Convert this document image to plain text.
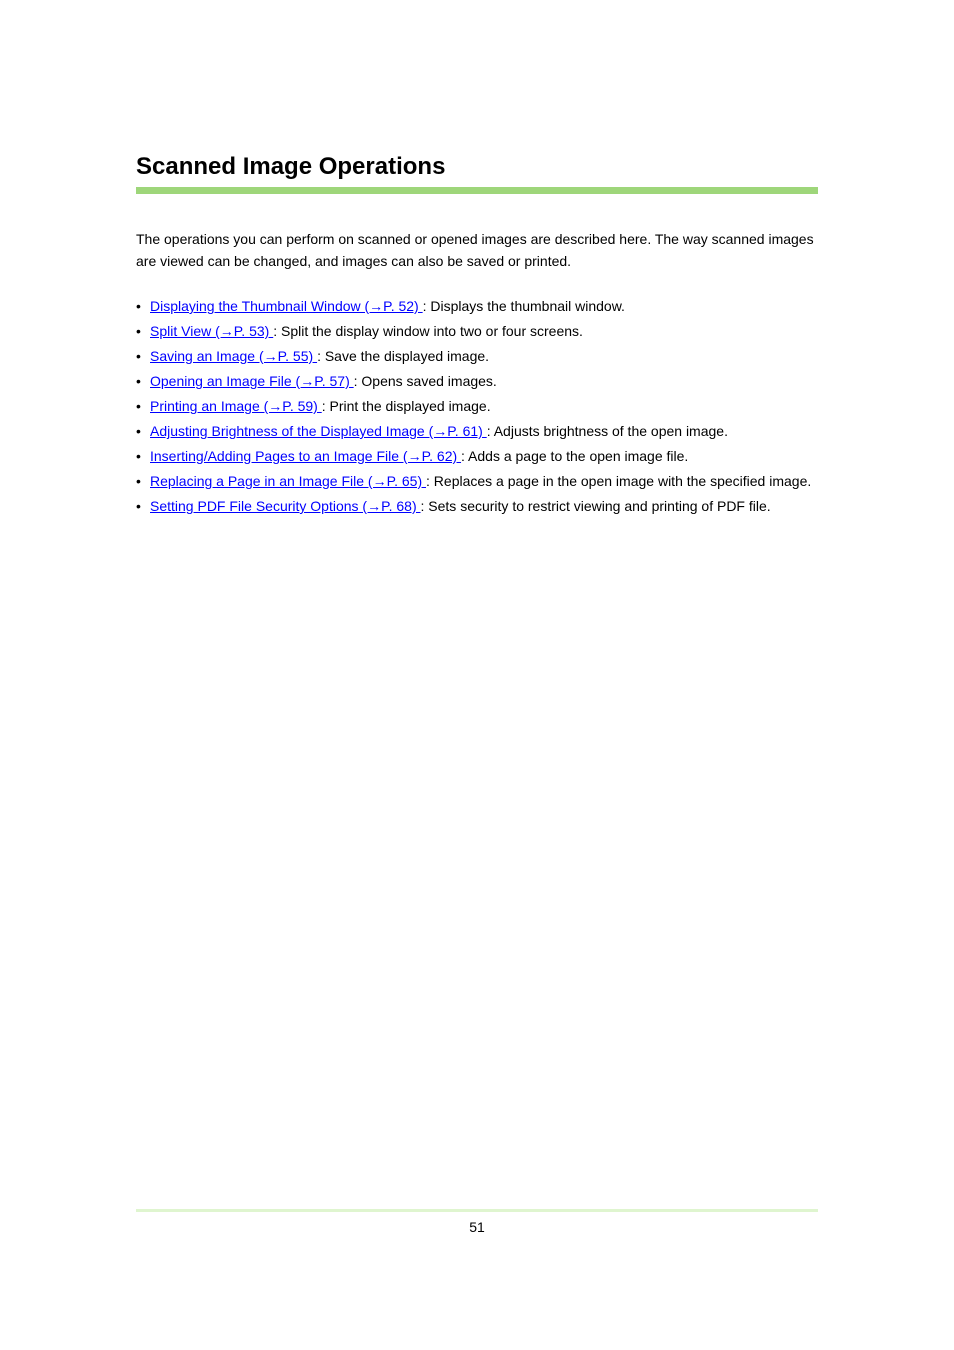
Scanned Image Operations

The operations you can perform on scanned or opened images are described here. The way scanned images are viewed can be changed, and images can also be saved or printed.

• Displaying the Thumbnail Window (→P. 52) : Displays the thumbnail window.
• Split View (→P. 53) : Split the display window into two or four screens.
• Saving an Image (→P. 55) : Save the displayed image.
• Opening an Image File (→P. 57) : Opens saved images.
• Printing an Image (→P. 59) : Print the displayed image.
• Adjusting Brightness of the Displayed Image (→P. 61) : Adjusts brightness of the open image.
• Inserting/Adding Pages to an Image File (→P. 62) : Adds a page to the open image file.
• Replacing a Page in an Image File (→P. 65) : Replaces a page in the open image with the specified image.
• Setting PDF File Security Options (→P. 68) : Sets security to restrict viewing and printing of PDF file.
51
